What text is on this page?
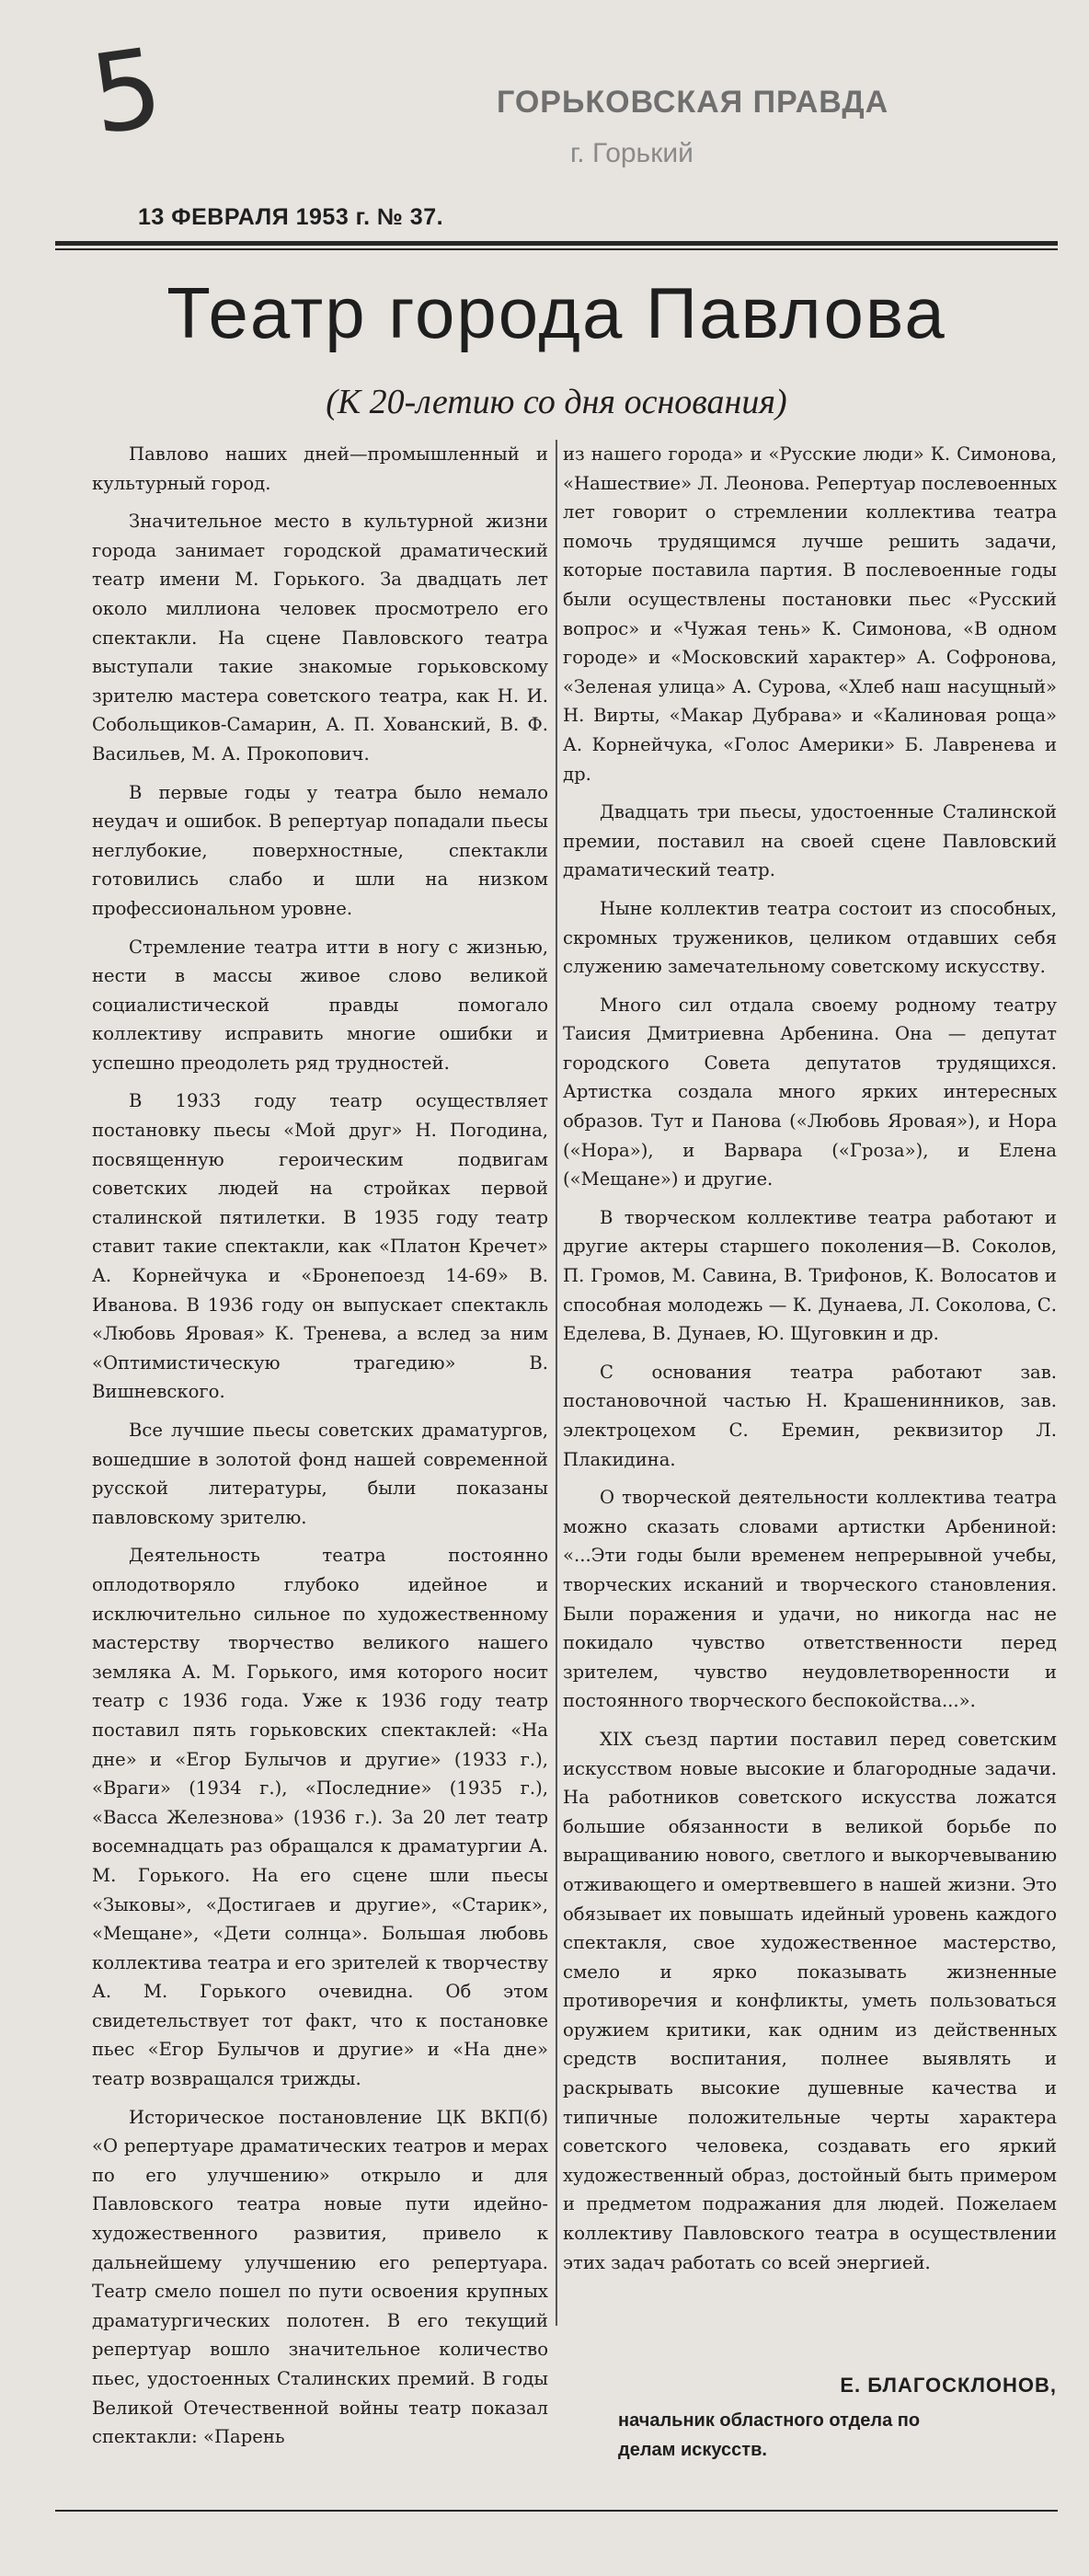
5	ГОРЬКОВСКАЯ ПРАВДА
г. Горький
13 ФЕВРАЛЯ 1953 г. № 37.
Театр города Павлова
(К 20-летию со дня основания)

Павлово наших дней—промышленный и культурный город.

Значительное место в культурной жизни города занимает городской драматический театр имени М. Горького. За двадцать лет около миллиона человек просмотрело его спектакли. На сцене Павловского театра выступали такие знакомые горьковскому зрителю мастера советского театра, как Н. И. Собольщиков-Самарин, А. П. Хованский, В. Ф. Васильев, М. А. Прокопович.

В первые годы у театра было немало неудач и ошибок. В репертуар попадали пьесы неглубокие, поверхностные, спектакли готовились слабо и шли на низком профессиональном уровне.

Стремление театра итти в ногу с жизнью, нести в массы живое слово великой социалистической правды помогало коллективу исправить многие ошибки и успешно преодолеть ряд трудностей.

В 1933 году театр осуществляет постановку пьесы «Мой друг» Н. Погодина, посвященную героическим подвигам советских людей на стройках первой сталинской пятилетки. В 1935 году театр ставит такие спектакли, как «Платон Кречет» А. Корнейчука и «Бронепоезд 14-69» В. Иванова. В 1936 году он выпускает спектакль «Любовь Яровая» К. Тренева, а вслед за ним «Оптимистическую трагедию» В. Вишневского.

Все лучшие пьесы советских драматургов, вошедшие в золотой фонд нашей современной русской литературы, были показаны павловскому зрителю.

Деятельность театра постоянно оплодотворяло глубоко идейное и исключительно сильное по художественному мастерству творчество великого нашего земляка А. М. Горького, имя которого носит театр с 1936 года. Уже к 1936 году театр поставил пять горьковских спектаклей: «На дне» и «Егор Булычов и другие» (1933 г.), «Враги» (1934 г.), «Последние» (1935 г.), «Васса Железнова» (1936 г.). За 20 лет театр восемнадцать раз обращался к драматургии А. М. Горького. На его сцене шли пьесы «Зыковы», «Достигаев и другие», «Старик», «Мещане», «Дети солнца». Большая любовь коллектива театра и его зрителей к творчеству А. М. Горького очевидна. Об этом свидетельствует тот факт, что к постановке пьес «Егор Булычов и другие» и «На дне» театр возвращался трижды.

Историческое постановление ЦК ВКП(б) «О репертуаре драматических театров и мерах по его улучшению» открыло и для Павловского театра новые пути идейно-художественного развития, привело к дальнейшему улучшению его репертуара. Театр смело пошел по пути освоения крупных драматургических полотен. В его текущий репертуар вошло значительное количество пьес, удостоенных Сталинских премий. В годы Великой Отечественной войны театр показал спектакли: «Парень

из нашего города» и «Русские люди» К. Симонова, «Нашествие» Л. Леонова. Репертуар послевоенных лет говорит о стремлении коллектива театра помочь трудящимся лучше решить задачи, которые поставила партия. В послевоенные годы были осуществлены постановки пьес «Русский вопрос» и «Чужая тень» К. Симонова, «В одном городе» и «Московский характер» А. Софронова, «Зеленая улица» А. Сурова, «Хлеб наш насущный» Н. Вирты, «Макар Дубрава» и «Калиновая роща» А. Корнейчука, «Голос Америки» Б. Лавренева и др.

Двадцать три пьесы, удостоенные Сталинской премии, поставил на своей сцене Павловский драматический театр.

Ныне коллектив театра состоит из способных, скромных тружеников, целиком отдавших себя служению замечательному советскому искусству.

Много сил отдала своему родному театру Таисия Дмитриевна Арбенина. Она — депутат городского Совета депутатов трудящихся. Артистка создала много ярких интересных образов. Тут и Панова («Любовь Яровая»), и Нора («Нора»), и Варвара («Гроза»), и Елена («Мещане») и другие.

В творческом коллективе театра работают и другие актеры старшего поколения—В. Соколов, П. Громов, М. Савина, В. Трифонов, К. Волосатов и способная молодежь — К. Дунаева, Л. Соколова, С. Еделева, В. Дунаев, Ю. Щуговкин и др.

С основания театра работают зав. постановочной частью Н. Крашенинников, зав. электроцехом С. Еремин, реквизитор Л. Плакидина.

О творческой деятельности коллектива театра можно сказать словами артистки Арбениной: «...Эти годы были временем непрерывной учебы, творческих исканий и творческого становления. Были поражения и удачи, но никогда нас не покидало чувство ответственности перед зрителем, чувство неудовлетворенности и постоянного творческого беспокойства...».

XIX съезд партии поставил перед советским искусством новые высокие и благородные задачи. На работников советского искусства ложатся большие обязанности в великой борьбе по выращиванию нового, светлого и выкорчевыванию отживающего и омертвевшего в нашей жизни. Это обязывает их повышать идейный уровень каждого спектакля, свое художественное мастерство, смело и ярко показывать жизненные противоречия и конфликты, уметь пользоваться оружием критики, как одним из действенных средств воспитания, полнее выявлять и раскрывать высокие душевные качества и типичные положительные черты характера советского человека, создавать его яркий художественный образ, достойный быть примером и предметом подражания для людей. Пожелаем коллективу Павловского театра в осуществлении этих задач работать со всей энергией.

Е. БЛАГОСКЛОНОВ,
начальник областного отдела по
делам искусств.
